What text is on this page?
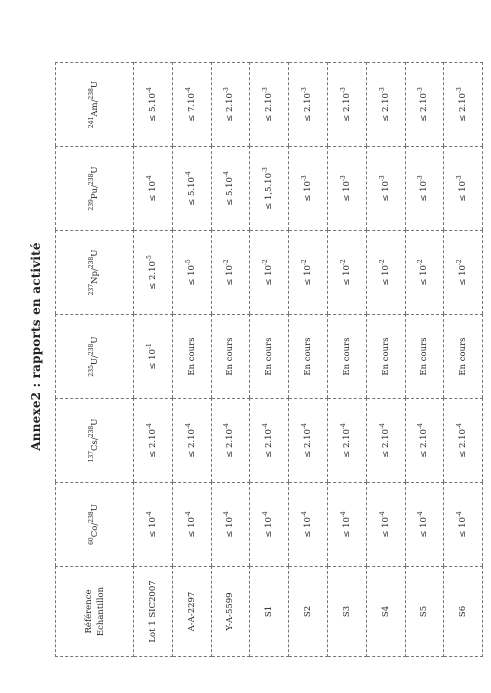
Annexe2 : rapports en activité
Référence
Echantillon	$^{60}$Co/$^{238}$U	$^{137}$Cs/$^{238}$U	$^{235}$U/$^{238}$U	$^{237}$Np/$^{238}$U	$^{239}$Pu/$^{238}$U	$^{241}$Am/$^{238}$U
Lot 1 SIC2007	≤ $10^{-4}$	≤ $2.10^{-4}$	≤ $10^{-1}$	≤ $2.10^{-5}$	≤ $10^{-4}$	≤ $5.10^{-4}$
A-A-2297	≤ $10^{-4}$	≤ $2.10^{-4}$	En cours	≤ $10^{-5}$	≤ $5.10^{-4}$	≤ $7.10^{-4}$
Y-A-5599	≤ $10^{-4}$	≤ $2.10^{-4}$	En cours	≤ $10^{-2}$	≤ $5.10^{-4}$	≤ $2.10^{-3}$
S1	≤ $10^{-4}$	≤ $2.10^{-4}$	En cours	≤ $10^{-2}$	≤ $1,5.10^{-3}$	≤ $2.10^{-3}$
S2	≤ $10^{-4}$	≤ $2.10^{-4}$	En cours	≤ $10^{-2}$	≤ $10^{-3}$	≤ $2.10^{-3}$
S3	≤ $10^{-4}$	≤ $2.10^{-4}$	En cours	≤ $10^{-2}$	≤ $10^{-3}$	≤ $2.10^{-3}$
S4	≤ $10^{-4}$	≤ $2.10^{-4}$	En cours	≤ $10^{-2}$	≤ $10^{-3}$	≤ $2.10^{-3}$
S5	≤ $10^{-4}$	≤ $2.10^{-4}$	En cours	≤ $10^{-2}$	≤ $10^{-3}$	≤ $2.10^{-3}$
S6	≤ $10^{-4}$	≤ $2.10^{-4}$	En cours	≤ $10^{-2}$	≤ $10^{-3}$	≤ $2.10^{-3}$
